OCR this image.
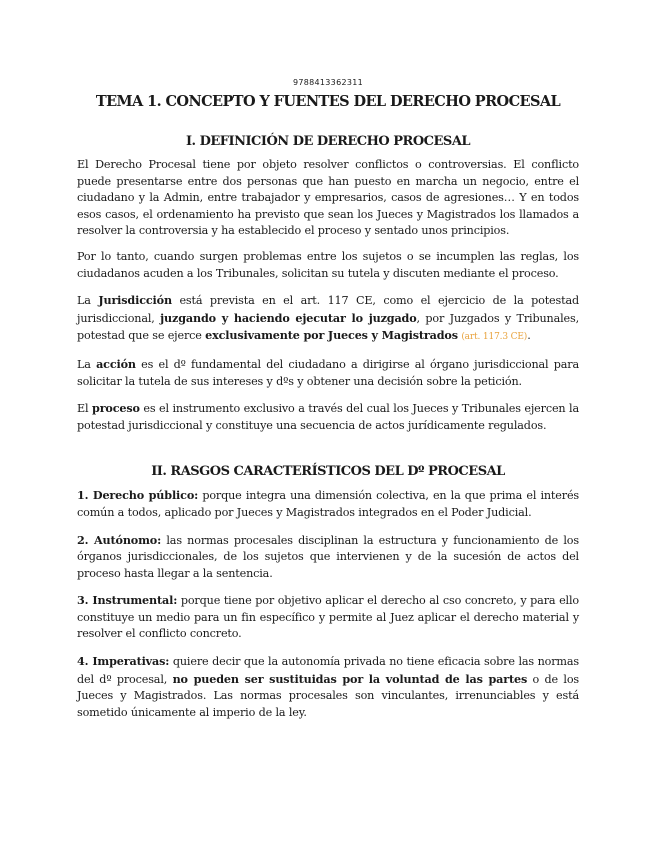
9788413362311
TEMA 1. CONCEPTO Y FUENTES DEL DERECHO PROCESAL
I. DEFINICIÓN DE DERECHO PROCESAL

El Derecho Procesal tiene por objeto resolver conflictos o controversias. El conflicto puede presentarse entre dos personas que han puesto en marcha un negocio, entre el ciudadano y la Admin, entre trabajador y empresarios, casos de agresiones… Y en todos esos casos, el ordenamiento ha previsto que sean los Jueces y Magistrados los llamados a resolver la controversia y ha establecido el proceso y sentado unos principios.

Por lo tanto, cuando surgen problemas entre los sujetos o se incumplen las reglas, los ciudadanos acuden a los Tribunales, solicitan su tutela y discuten mediante el proceso.

La Jurisdicción está prevista en el art. 117 CE, como el ejercicio de la potestad jurisdiccional, juzgando y haciendo ejecutar lo juzgado, por Juzgados y Tribunales, potestad que se ejerce exclusivamente por Jueces y Magistrados (art. 117.3 CE).

La acción es el dº fundamental del ciudadano a dirigirse al órgano jurisdiccional para solicitar la tutela de sus intereses y dºs y obtener una decisión sobre la petición.

El proceso es el instrumento exclusivo a través del cual los Jueces y Tribunales ejercen la potestad jurisdiccional y constituye una secuencia de actos jurídicamente regulados.

II. RASGOS CARACTERÍSTICOS DEL Dº PROCESAL

1. Derecho público: porque integra una dimensión colectiva, en la que prima el interés común a todos, aplicado por Jueces y Magistrados integrados en el Poder Judicial.

2. Autónomo: las normas procesales disciplinan la estructura y funcionamiento de los órganos jurisdiccionales, de los sujetos que intervienen y de la sucesión de actos del proceso hasta llegar a la sentencia.

3. Instrumental: porque tiene por objetivo aplicar el derecho al cso concreto, y para ello constituye un medio para un fin específico y permite al Juez aplicar el derecho material y resolver el conflicto concreto.

4. Imperativas: quiere decir que la autonomía privada no tiene eficacia sobre las normas del dº procesal, no pueden ser sustituidas por la voluntad de las partes o de los Jueces y Magistrados. Las normas procesales son vinculantes, irrenunciables y está sometido únicamente al imperio de la ley.
